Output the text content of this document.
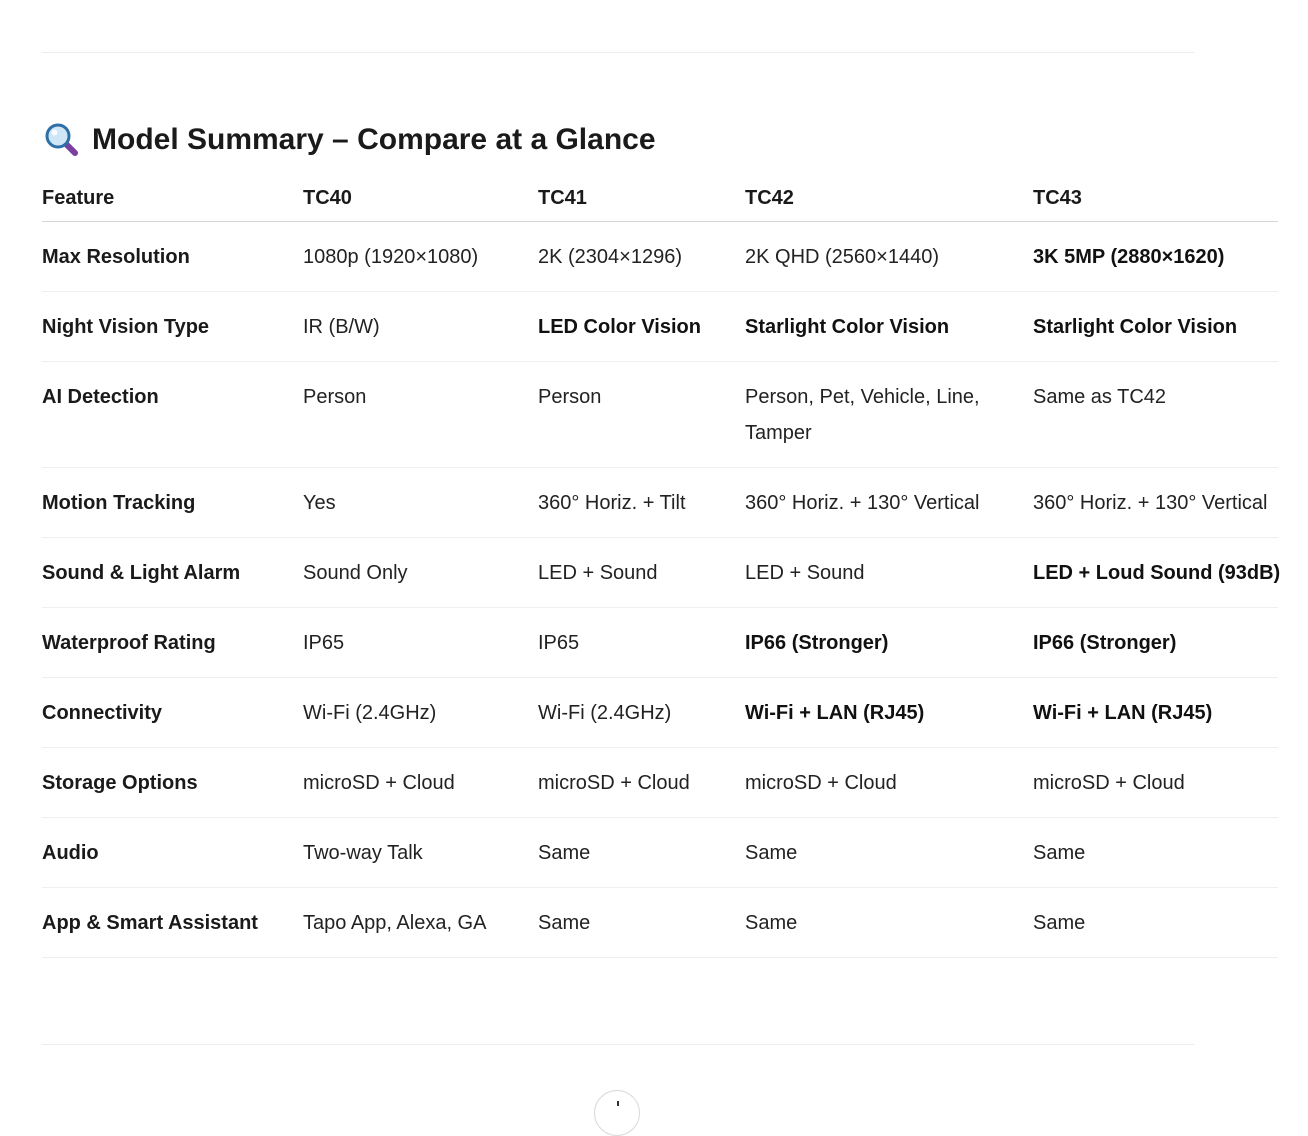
Model Summary – Compare at a Glance
Feature	TC40	TC41	TC42	TC43
Max Resolution	1080p (1920×1080)	2K (2304×1296)	2K QHD (2560×1440)	3K 5MP (2880×1620)
Night Vision Type	IR (B/W)	LED Color Vision	Starlight Color Vision	Starlight Color Vision
AI Detection	Person	Person	Person, Pet, Vehicle, Line, Tamper	Same as TC42
Motion Tracking	Yes	360° Horiz. + Tilt	360° Horiz. + 130° Vertical	360° Horiz. + 130° Vertical
Sound & Light Alarm	Sound Only	LED + Sound	LED + Sound	LED + Loud Sound (93dB)
Waterproof Rating	IP65	IP65	IP66 (Stronger)	IP66 (Stronger)
Connectivity	Wi-Fi (2.4GHz)	Wi-Fi (2.4GHz)	Wi-Fi + LAN (RJ45)	Wi-Fi + LAN (RJ45)
Storage Options	microSD + Cloud	microSD + Cloud	microSD + Cloud	microSD + Cloud
Audio	Two-way Talk	Same	Same	Same
App & Smart Assistant	Tapo App, Alexa, GA	Same	Same	Same
